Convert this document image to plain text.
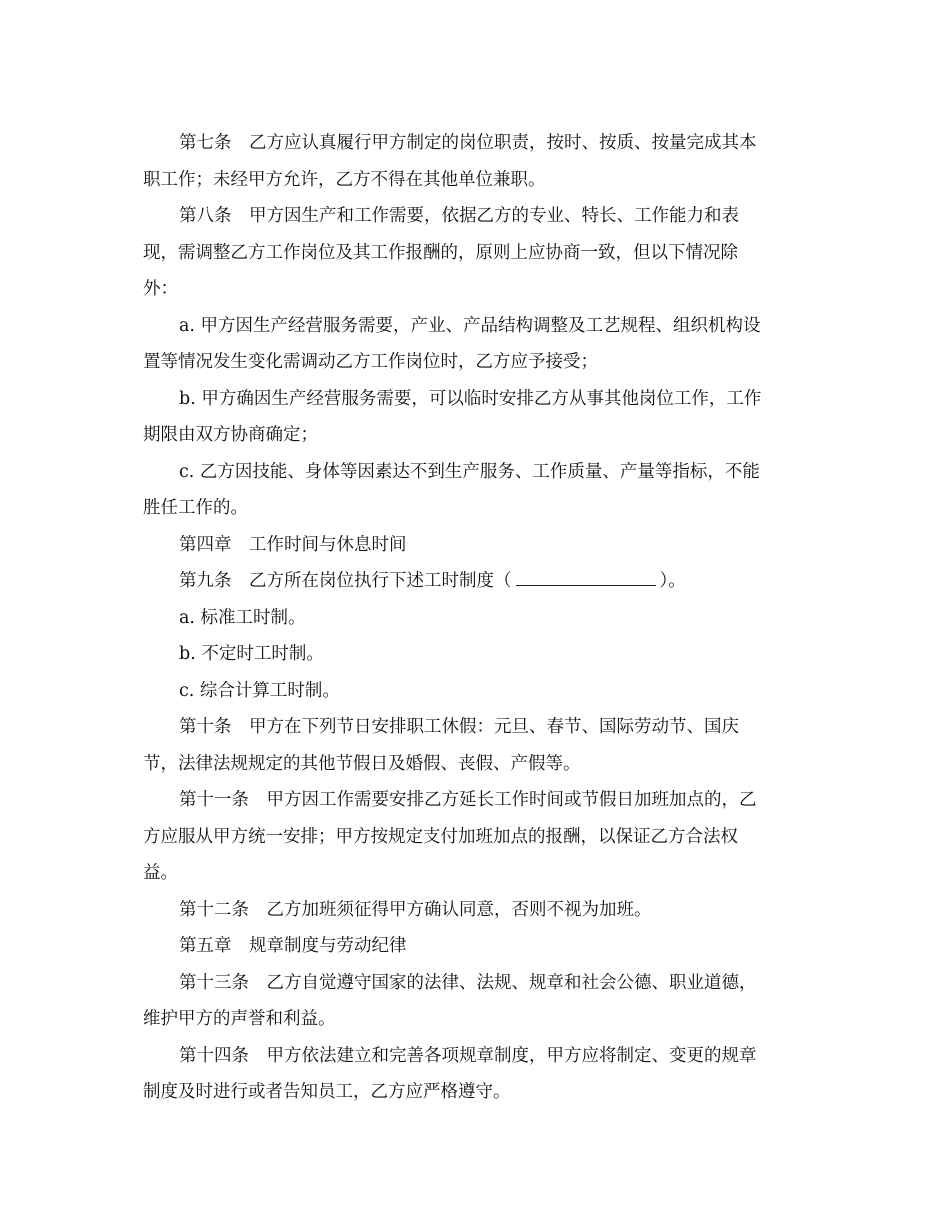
第七条　乙方应认真履行甲方制定的岗位职责，按时、按质、按量完成其本
职工作；未经甲方允许，乙方不得在其他单位兼职。

第八条　甲方因生产和工作需要，依据乙方的专业、特长、工作能力和表
现，需调整乙方工作岗位及其工作报酬的，原则上应协商一致，但以下情况除
外：

a. 甲方因生产经营服务需要，产业、产品结构调整及工艺规程、组织机构设
置等情况发生变化需调动乙方工作岗位时，乙方应予接受；

b. 甲方确因生产经营服务需要，可以临时安排乙方从事其他岗位工作，工作
期限由双方协商确定；

c. 乙方因技能、身体等因素达不到生产服务、工作质量、产量等指标，不能
胜任工作的。

第四章　工作时间与休息时间

第九条　乙方所在岗位执行下述工时制度（	）。

a. 标准工时制。

b. 不定时工时制。

c. 综合计算工时制。

第十条　甲方在下列节日安排职工休假：元旦、春节、国际劳动节、国庆
节，法律法规规定的其他节假日及婚假、丧假、产假等。

第十一条　甲方因工作需要安排乙方延长工作时间或节假日加班加点的，乙
方应服从甲方统一安排；甲方按规定支付加班加点的报酬，以保证乙方合法权
益。

第十二条　乙方加班须征得甲方确认同意，否则不视为加班。

第五章　规章制度与劳动纪律

第十三条　乙方自觉遵守国家的法律、法规、规章和社会公德、职业道德，
维护甲方的声誉和利益。

第十四条　甲方依法建立和完善各项规章制度，甲方应将制定、变更的规章
制度及时进行或者告知员工，乙方应严格遵守。
